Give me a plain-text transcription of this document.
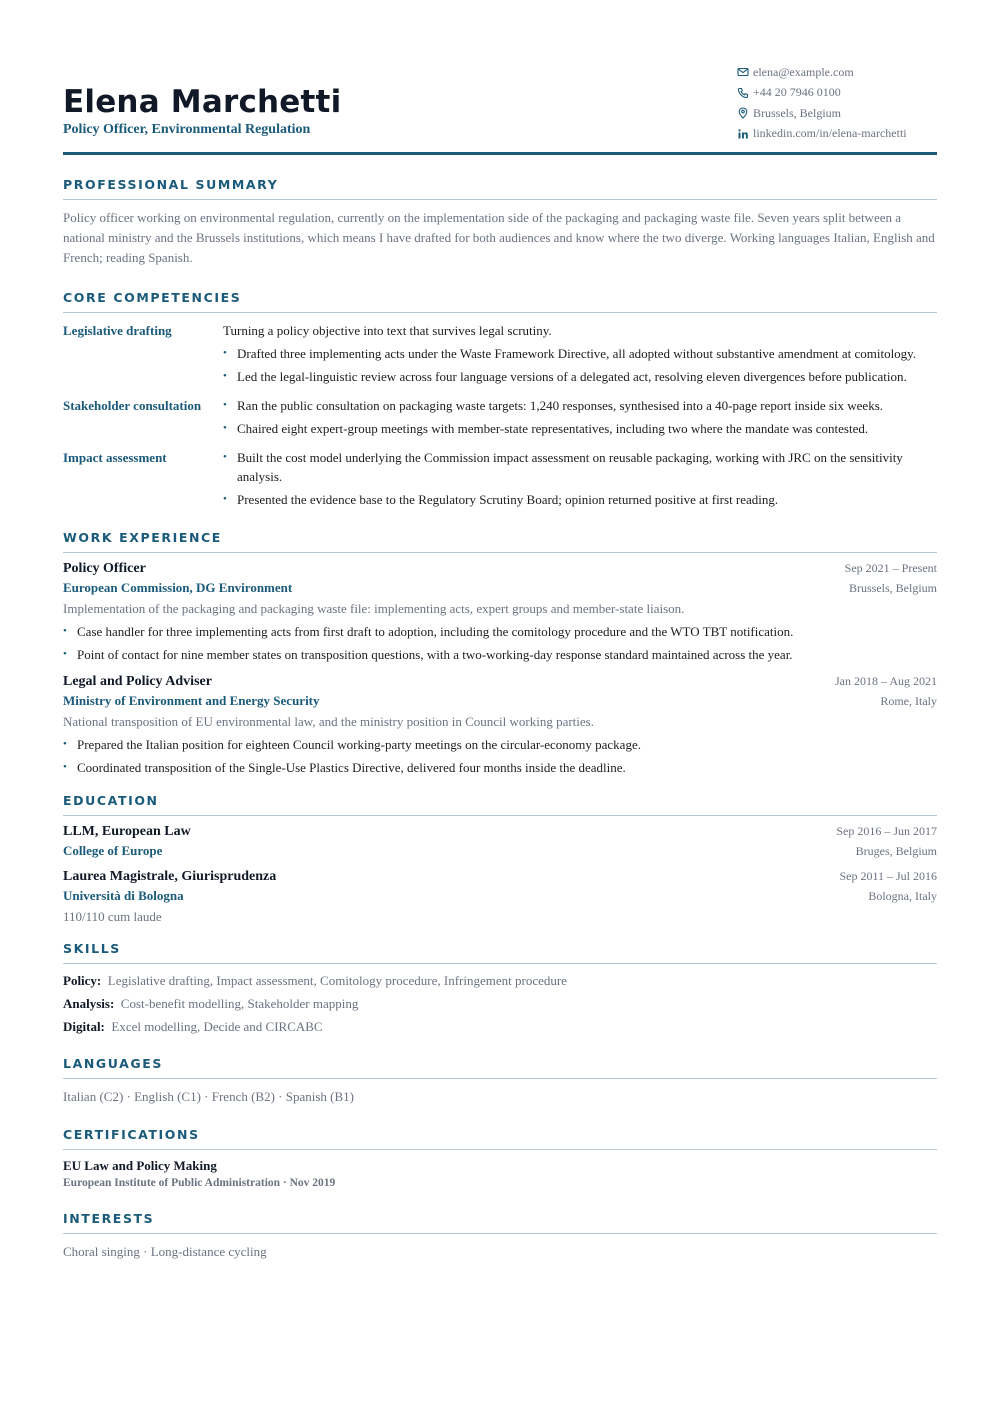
Elena Marchetti
Policy Officer, Environmental Regulation
elena@example.com
+44 20 7946 0100
Brussels, Belgium
linkedin.com/in/elena-marchetti
PROFESSIONAL SUMMARY

Policy officer working on environmental regulation, currently on the implementation side of the packaging and packaging waste file. Seven years split between a national ministry and the Brussels institutions, which means I have drafted for both audiences and know where the two diverge. Working languages Italian, English and French; reading Spanish.

CORE COMPETENCIES
Legislative drafting	Turning a policy objective into text that survives legal scrutiny.
• Drafted three implementing acts under the Waste Framework Directive, all adopted without substantive amendment at comitology.
• Led the legal-linguistic review across four language versions of a delegated act, resolving eleven divergences before publication.
Stakeholder consultation	• Ran the public consultation on packaging waste targets: 1,240 responses, synthesised into a 40-page report inside six weeks.
• Chaired eight expert-group meetings with member-state representatives, including two where the mandate was contested.
Impact assessment	• Built the cost model underlying the Commission impact assessment on reusable packaging, working with JRC on the sensitivity analysis.
• Presented the evidence base to the Regulatory Scrutiny Board; opinion returned positive at first reading.
WORK EXPERIENCE
Policy Officer	Sep 2021 – Present
European Commission, DG Environment	Brussels, Belgium
Implementation of the packaging and packaging waste file: implementing acts, expert groups and member-state liaison.
• Case handler for three implementing acts from first draft to adoption, including the comitology procedure and the WTO TBT notification.
• Point of contact for nine member states on transposition questions, with a two-working-day response standard maintained across the year.
Legal and Policy Adviser	Jan 2018 – Aug 2021
Ministry of Environment and Energy Security	Rome, Italy
National transposition of EU environmental law, and the ministry position in Council working parties.
• Prepared the Italian position for eighteen Council working-party meetings on the circular-economy package.
• Coordinated transposition of the Single-Use Plastics Directive, delivered four months inside the deadline.
EDUCATION
LLM, European Law	Sep 2016 – Jun 2017
College of Europe	Bruges, Belgium
Laurea Magistrale, Giurisprudenza	Sep 2011 – Jul 2016
Università di Bologna	Bologna, Italy
110/110 cum laude
SKILLS
Policy: Legislative drafting, Impact assessment, Comitology procedure, Infringement procedure
Analysis: Cost-benefit modelling, Stakeholder mapping
Digital: Excel modelling, Decide and CIRCABC
LANGUAGES
Italian (C2) · English (C1) · French (B2) · Spanish (B1)
CERTIFICATIONS
EU Law and Policy Making
European Institute of Public Administration · Nov 2019
INTERESTS
Choral singing · Long-distance cycling
